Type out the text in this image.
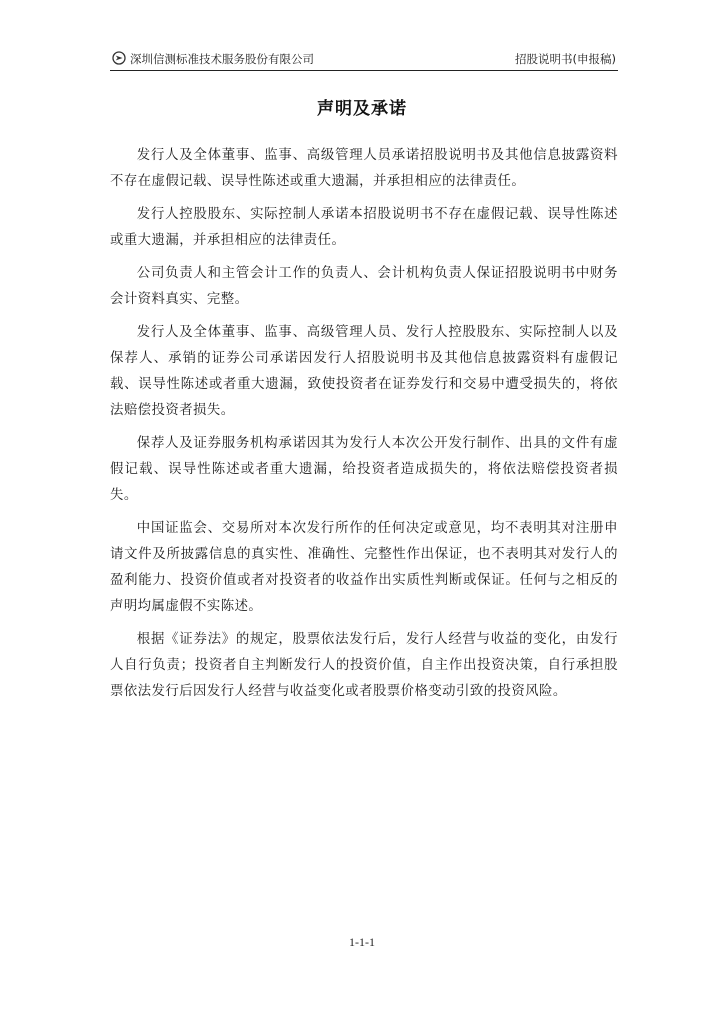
深圳信测标准技术服务股份有限公司	招股说明书(申报稿)
声明及承诺

发行人及全体董事、监事、高级管理人员承诺招股说明书及其他信息披露资料不存在虚假记载、误导性陈述或重大遗漏，并承担相应的法律责任。

发行人控股股东、实际控制人承诺本招股说明书不存在虚假记载、误导性陈述或重大遗漏，并承担相应的法律责任。

公司负责人和主管会计工作的负责人、会计机构负责人保证招股说明书中财务会计资料真实、完整。

发行人及全体董事、监事、高级管理人员、发行人控股股东、实际控制人以及保荐人、承销的证券公司承诺因发行人招股说明书及其他信息披露资料有虚假记载、误导性陈述或者重大遗漏，致使投资者在证券发行和交易中遭受损失的，将依法赔偿投资者损失。

保荐人及证券服务机构承诺因其为发行人本次公开发行制作、出具的文件有虚假记载、误导性陈述或者重大遗漏，给投资者造成损失的，将依法赔偿投资者损失。

中国证监会、交易所对本次发行所作的任何决定或意见，均不表明其对注册申请文件及所披露信息的真实性、准确性、完整性作出保证，也不表明其对发行人的盈利能力、投资价值或者对投资者的收益作出实质性判断或保证。任何与之相反的声明均属虚假不实陈述。

根据《证券法》的规定，股票依法发行后，发行人经营与收益的变化，由发行人自行负责；投资者自主判断发行人的投资价值，自主作出投资决策，自行承担股票依法发行后因发行人经营与收益变化或者股票价格变动引致的投资风险。

1-1-1
